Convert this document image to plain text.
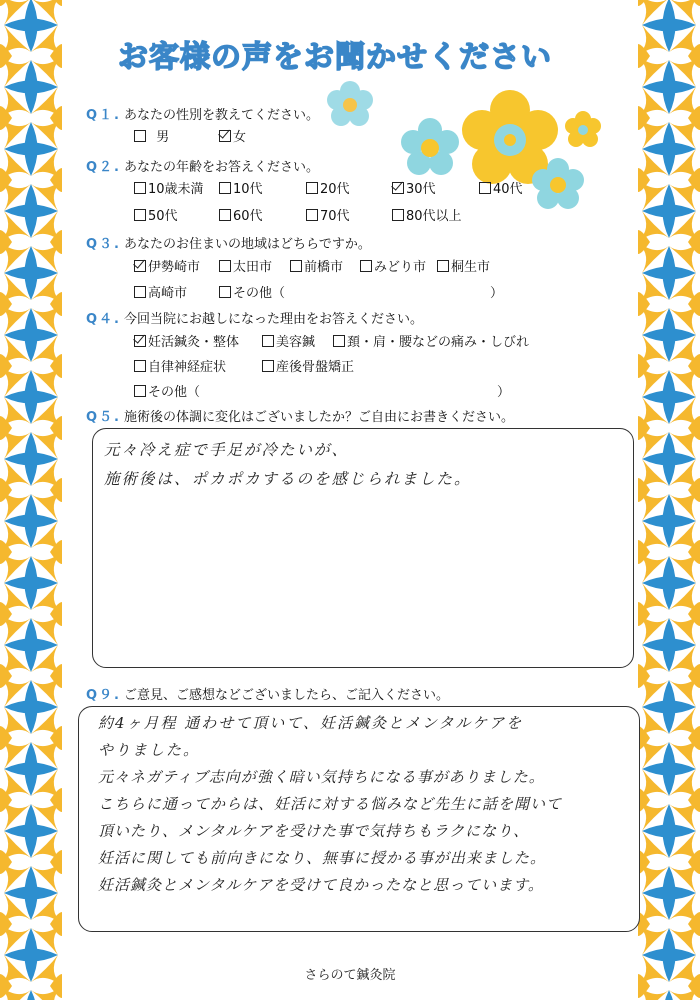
お客様の声をお聞かせください
Q１. あなたの性別を教えてください。
男	女
Q２. あなたの年齢をお答えください。
10歳未満	10代	20代	30代	40代
50代	60代	70代	80代以上
Q３. あなたのお住まいの地域はどちらですか。
伊勢崎市	太田市	前橋市	みどり市	桐生市
高崎市	その他（	）
Q４. 今回当院にお越しになった理由をお答えください。
妊活鍼灸・整体	美容鍼	頚・肩・腰などの痛み・しびれ
自律神経症状	産後骨盤矯正
その他（	）
Q５. 施術後の体調に変化はございましたか？ご自由にお書きください。
元々冷え症で手足が冷たいが、
施術後は、ポカポカするのを感じられました。
Q９. ご意見、ご感想などございましたら、ご記入ください。
約4ヶ月程 通わせて頂いて、妊活鍼灸とメンタルケアを
やりました。
元々ネガティブ志向が強く暗い気持ちになる事がありました。
こちらに通ってからは、妊活に対する悩みなど先生に話を聞いて
頂いたり、メンタルケアを受けた事で気持ちもラクになり、
妊活に関しても前向きになり、無事に授かる事が出来ました。
妊活鍼灸とメンタルケアを受けて良かったなと思っています。
さらのて鍼灸院
